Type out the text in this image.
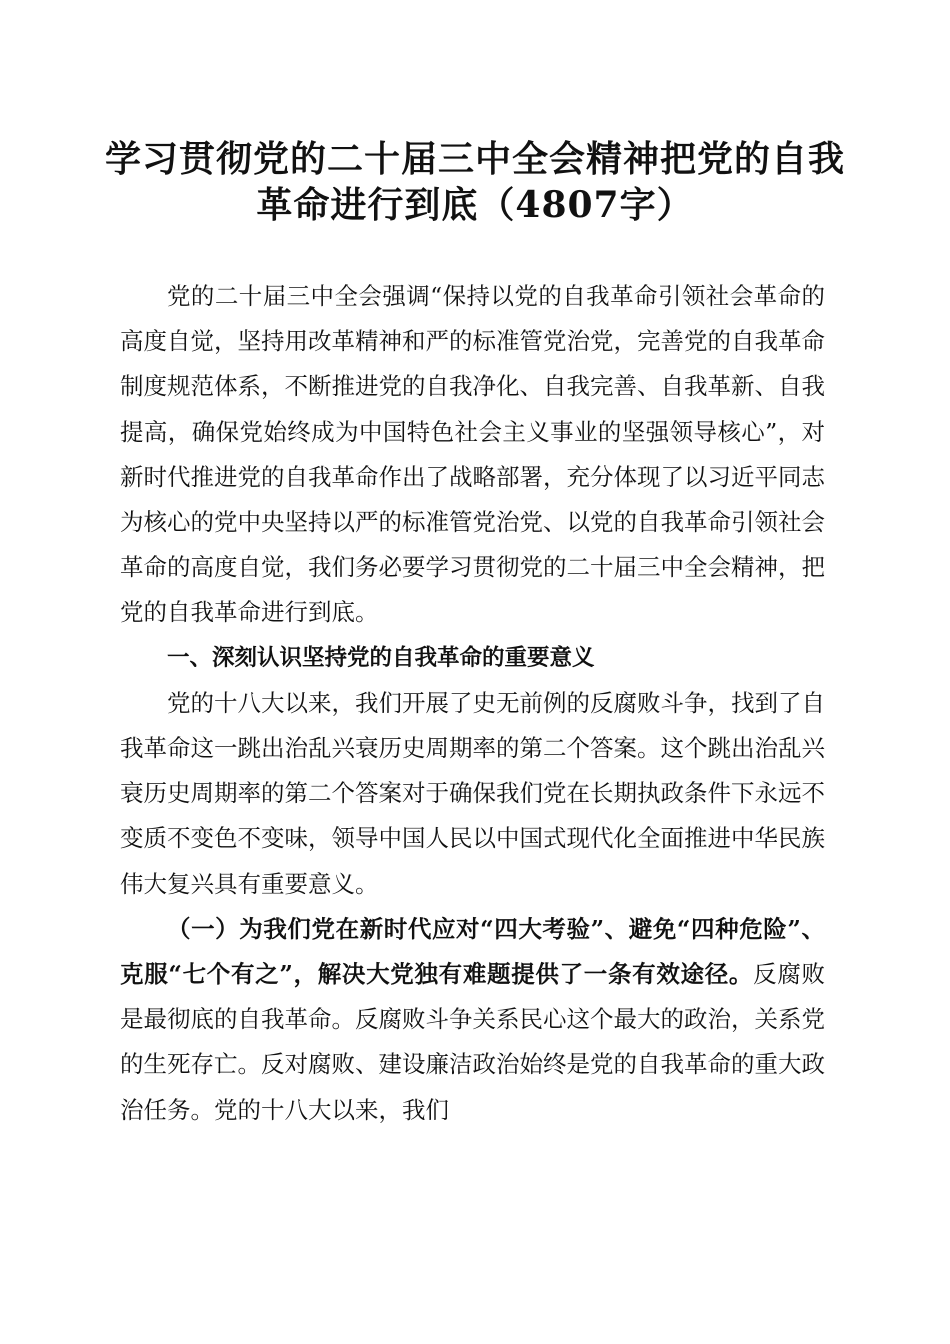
学习贯彻党的二十届三中全会精神把党的自我
革命进行到底（4807字）

党的二十届三中全会强调“保持以党的自我革命引领社会革命的高度自觉，坚持用改革精神和严的标准管党治党，完善党的自我革命制度规范体系，不断推进党的自我净化、自我完善、自我革新、自我提高，确保党始终成为中国特色社会主义事业的坚强领导核心”，对新时代推进党的自我革命作出了战略部署，充分体现了以习近平同志为核心的党中央坚持以严的标准管党治党、以党的自我革命引领社会革命的高度自觉，我们务必要学习贯彻党的二十届三中全会精神，把党的自我革命进行到底。

一、深刻认识坚持党的自我革命的重要意义

党的十八大以来，我们开展了史无前例的反腐败斗争，找到了自我革命这一跳出治乱兴衰历史周期率的第二个答案。这个跳出治乱兴衰历史周期率的第二个答案对于确保我们党在长期执政条件下永远不变质不变色不变味，领导中国人民以中国式现代化全面推进中华民族伟大复兴具有重要意义。

（一）为我们党在新时代应对“四大考验”、避免“四种危险”、克服“七个有之”，解决大党独有难题提供了一条有效途径。反腐败是最彻底的自我革命。反腐败斗争关系民心这个最大的政治，关系党的生死存亡。反对腐败、建设廉洁政治始终是党的自我革命的重大政治任务。党的十八大以来，我们
